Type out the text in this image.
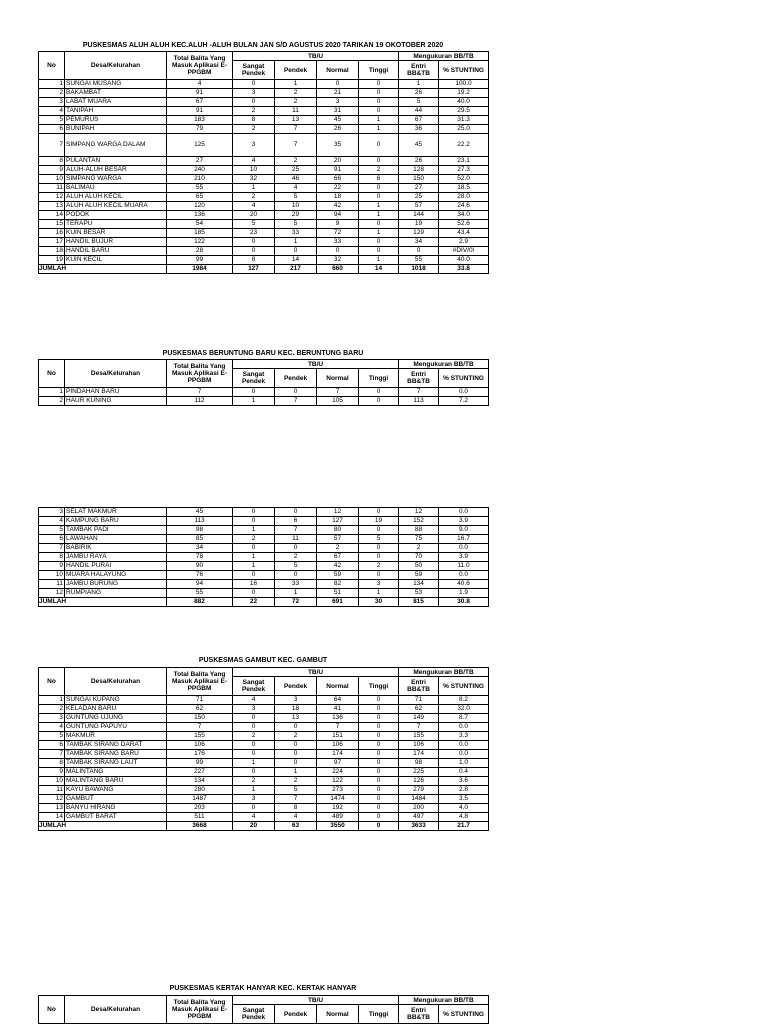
PUSKESMAS ALUH ALUH KEC.ALUH -ALUH BULAN JAN S/D AGUSTUS 2020 TARIKAN 19 OKOTOBER 2020
No	Desa/Kelurahan	Total Balita Yang Masuk Aplikasi E-PPGBM	TB/U				Mengukuran BB/TB	
			Sangat Pendek	Pendek	Normal	Tinggi	Entri BB&TB	% STUNTING
1	SUNGAI MUSANG	4	0	1	0	0	1	100.0
2	BAKAMBAT	91	3	2	21	0	26	19.2
3	LABAT MUARA	67	0	2	3	0	5	40.0
4	TANIPAH	91	2	11	31	0	44	29.5
5	PEMURUS	183	8	13	45	1	67	31.3
6	BUNIPAH	79	2	7	26	1	36	25.0
7	SIMPANG WARGA DALAM	125	3	7	35	0	45	22.2
8	PULANTAN	27	4	2	20	0	26	23.1
9	ALUH-ALUH BESAR	240	10	25	91	2	128	27.3
10	SIMPANG WARGA	210	32	46	66	6	150	52.0
11	BALIMAU	55	1	4	22	0	27	18.5
12	ALUH ALUH KECIL	65	2	5	18	0	25	28.0
13	ALUH ALUH KECIL MUARA	120	4	10	42	1	57	24.6
14	PODOK	136	20	29	94	1	144	34.0
15	TERAPU	54	5	5	9	0	19	52.6
16	KUIN BESAR	185	23	33	72	1	129	43.4
17	HANDIL BUJUR	122	0	1	33	0	34	2.9
18	HANDIL BARU	28	0	0	0	0	0	#DIV/0!
19	KUIN KECIL	99	8	14	32	1	55	40.0
JUMLAH		1984	127	217	660	14	1018	33.8
PUSKESMAS BERUNTUNG BARU KEC. BERUNTUNG BARU
No	Desa/Kelurahan	Total Balita Yang Masuk Aplikasi E-PPGBM	TB/U				Mengukuran BB/TB	
			Sangat Pendek	Pendek	Normal	Tinggi	Entri BB&TB	% STUNTING
1	PINDAHAN BARU	7	0	0	7	0	7	0.0
2	HAUR KUNING	112	1	7	105	0	113	7.2
3	SELAT MAKMUR	45	0	0	12	0	12	0.0
4	KAMPUNG BARU	113	0	6	127	19	152	3.9
5	TAMBAK PADI	98	1	7	80	0	88	9.0
6	LAWAHAN	85	2	11	57	5	75	16.7
7	BABIRIK	34	0	0	2	0	2	0.0
8	JAMBU RAYA	78	1	2	67	0	70	3.9
9	HANDIL PURAI	90	1	5	42	2	50	11.0
10	MUARA HALAYUNG	76	0	0	59	0	59	0.0
11	JAMBU BURUNG	94	16	33	82	3	134	40.6
12	RUMPIANG	55	0	1	51	1	53	1.9
JUMLAH		882	22	72	691	30	815	30.8
PUSKESMAS GAMBUT KEC. GAMBUT
No	Desa/Kelurahan	Total Balita Yang Masuk Aplikasi E-PPGBM	TB/U				Mengukuran BB/TB	
			Sangat Pendek	Pendek	Normal	Tinggi	Entri BB&TB	% STUNTING
1	SUNGAI KUPANG	71	4	3	64	0	71	8.2
2	KELADAN BARU	62	3	18	41	0	62	32.0
3	GUNTUNG UJUNG	150	0	13	136	0	149	8.7
4	GUNTUNG PAPUYU	7	0	0	7	0	7	0.0
5	MAKMUR	155	2	2	151	0	155	3.3
6	TAMBAK SIRANG DARAT	106	0	0	106	0	106	0.0
7	TAMBAK SIRANG BARU	176	0	0	174	0	174	0.0
8	TAMBAK SIRANG LAUT	99	1	0	97	0	98	1.0
9	MALINTANG	227	0	1	224	0	225	0.4
10	MALINTANG BARU	134	2	2	122	0	126	3.6
11	KAYU BAWANG	280	1	5	273	0	279	2.8
12	GAMBUT	1487	3	7	1474	0	1484	3.5
13	BANYU HIRANG	203	0	8	192	0	200	4.0
14	GAMBUT BARAT	511	4	4	489	0	497	4.8
JUMLAH		3668	20	63	3550	0	3633	21.7
PUSKESMAS KERTAK HANYAR KEC. KERTAK HANYAR
No	Desa/Kelurahan	Total Balita Yang Masuk Aplikasi E-PPGBM	TB/U				Mengukuran BB/TB	
			Sangat Pendek	Pendek	Normal	Tinggi	Entri BB&TB	% STUNTING
